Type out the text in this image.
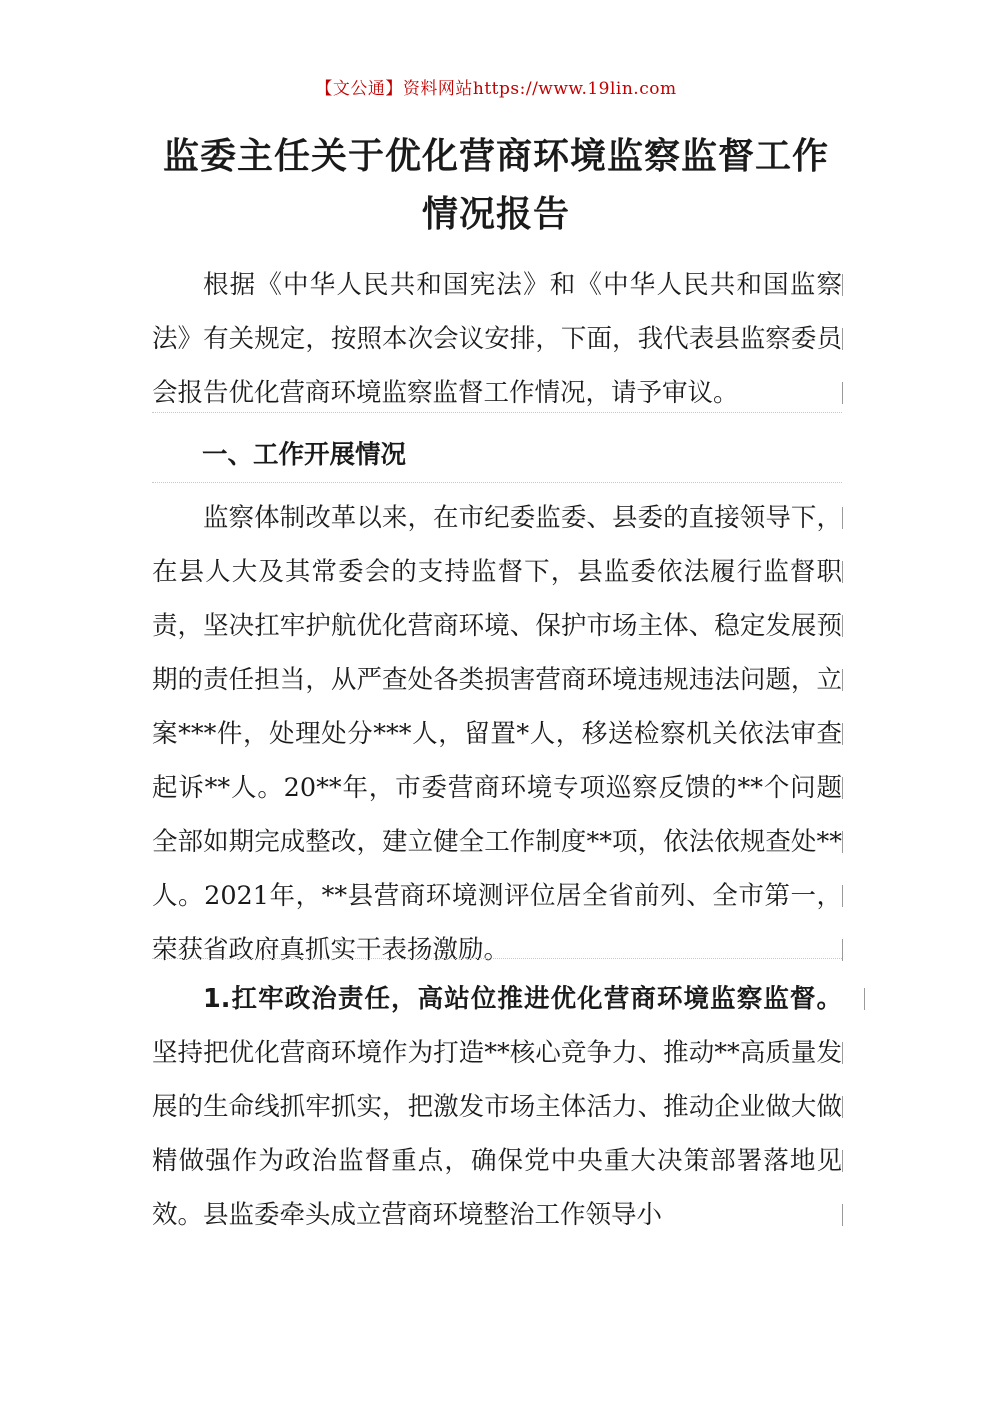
【文公通】资料网站https://www.19lin.com
监委主任关于优化营商环境监察监督工作
情况报告
根据《中华人民共和国宪法》和《中华人民共和国监察法》有关规定，按照本次会议安排，下面，我代表县监察委员会报告优化营商环境监察监督工作情况，请予审议。
一、工作开展情况
监察体制改革以来，在市纪委监委、县委的直接领导下，在县人大及其常委会的支持监督下，县监委依法履行监督职责，坚决扛牢护航优化营商环境、保护市场主体、稳定发展预期的责任担当，从严查处各类损害营商环境违规违法问题，立案***件，处理处分***人，留置*人，移送检察机关依法审查起诉**人。20**年，市委营商环境专项巡察反馈的**个问题全部如期完成整改，建立健全工作制度**项，依法依规查处**人。2021年，**县营商环境测评位居全省前列、全市第一，荣获省政府真抓实干表扬激励。
1.扛牢政治责任，高站位推进优化营商环境监察监督。坚持把优化营商环境作为打造**核心竞争力、推动**高质量发展的生命线抓牢抓实，把激发市场主体活力、推动企业做大做精做强作为政治监督重点，确保党中央重大决策部署落地见效。县监委牵头成立营商环境整治工作领导小
